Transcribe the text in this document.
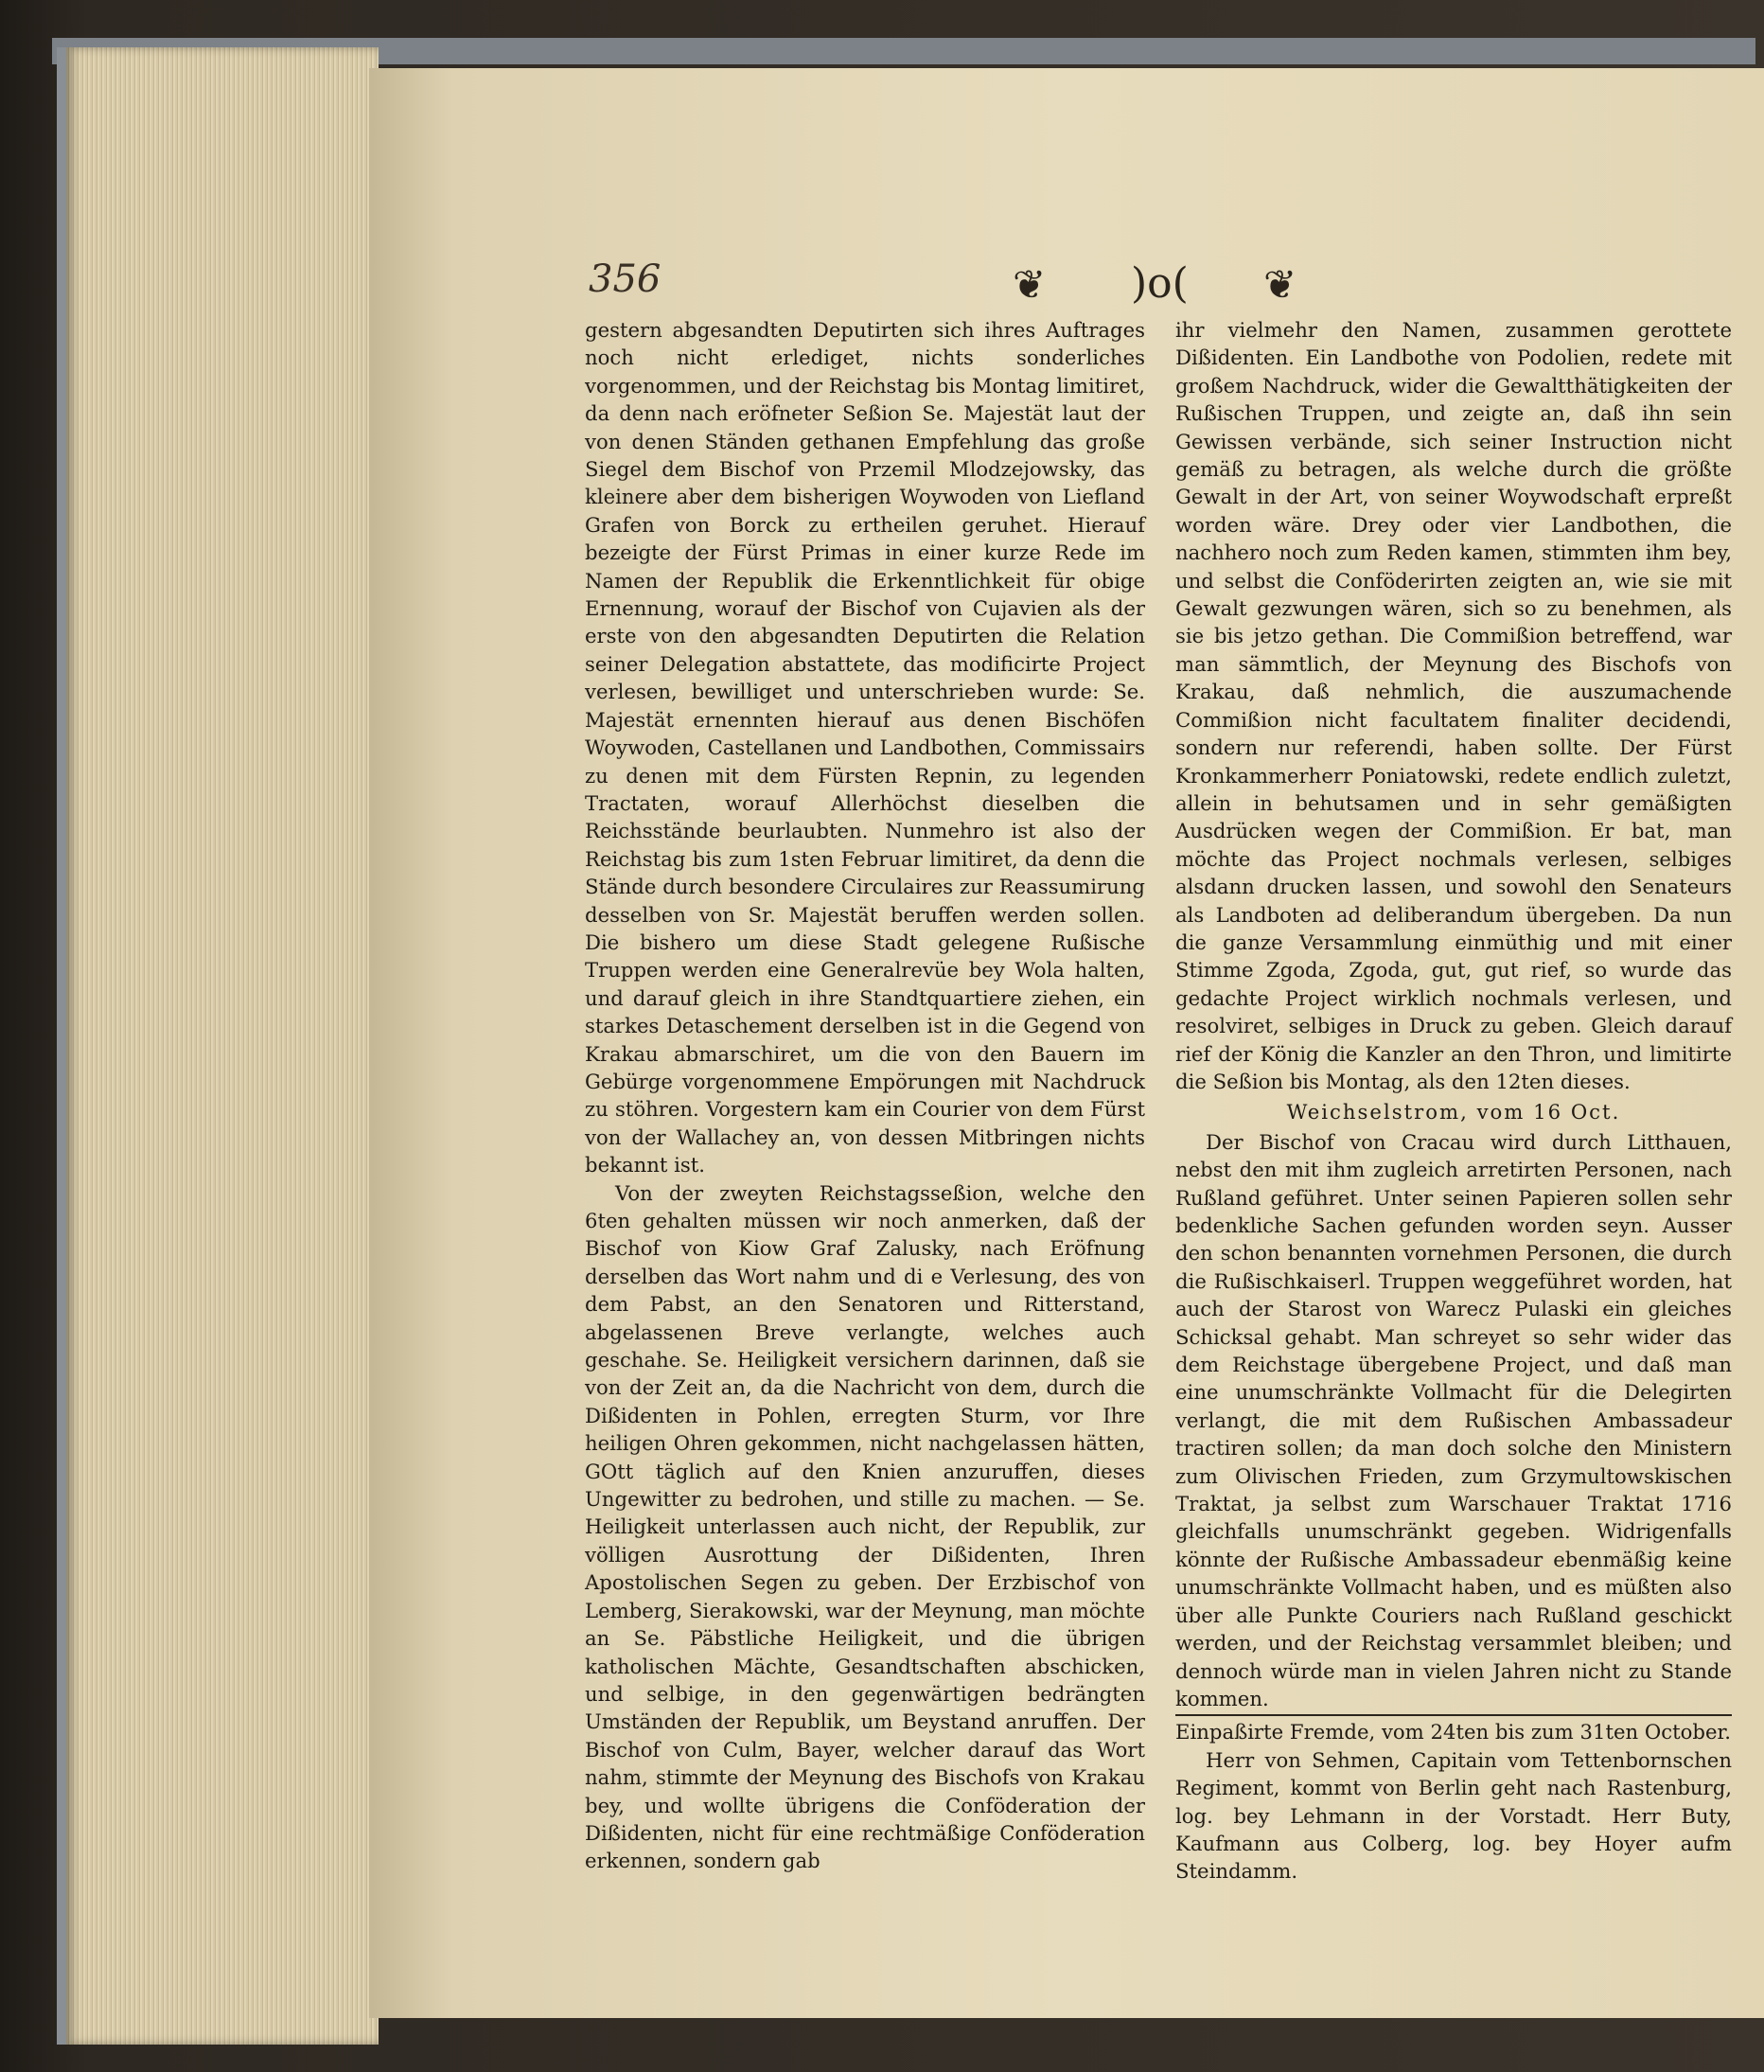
356	❦ )o( ❦

gestern abgesandten Deputirten sich ihres Auftrages noch nicht erlediget, nichts sonderliches vorgenommen, und der Reichstag bis Montag limitiret, da denn nach eröfneter Seßion Se. Majestät laut der von denen Ständen gethanen Empfehlung das große Siegel dem Bischof von Przemil Mlodzejowsky, das kleinere aber dem bisherigen Woywoden von Liefland Grafen von Borck zu ertheilen geruhet. Hierauf bezeigte der Fürst Primas in einer kurze Rede im Namen der Republik die Erkenntlichkeit für obige Ernennung, worauf der Bischof von Cujavien als der erste von den abgesandten Deputirten die Relation seiner Delegation abstattete, das modificirte Project verlesen, bewilliget und unterschrieben wurde: Se. Majestät ernennten hierauf aus denen Bischöfen Woywoden, Castellanen und Landbothen, Commissairs zu denen mit dem Fürsten Repnin, zu legenden Tractaten, worauf Allerhöchst dieselben die Reichsstände beurlaubten. Nunmehro ist also der Reichstag bis zum 1sten Februar limitiret, da denn die Stände durch besondere Circulaires zur Reassumirung desselben von Sr. Majestät beruffen werden sollen. Die bishero um diese Stadt gelegene Rußische Truppen werden eine Generalrevüe bey Wola halten, und darauf gleich in ihre Standtquartiere ziehen, ein starkes Detaschement derselben ist in die Gegend von Krakau abmarschiret, um die von den Bauern im Gebürge vorgenommene Empörungen mit Nachdruck zu stöhren. Vorgestern kam ein Courier von dem Fürst von der Wallachey an, von dessen Mitbringen nichts bekannt ist.

Von der zweyten Reichstagsseßion, welche den 6ten gehalten müssen wir noch anmerken, daß der Bischof von Kiow Graf Zalusky, nach Eröfnung derselben das Wort nahm und di e Verlesung, des von dem Pabst, an den Senatoren und Ritterstand, abgelassenen Breve verlangte, welches auch geschahe. Se. Heiligkeit versichern darinnen, daß sie von der Zeit an, da die Nachricht von dem, durch die Dißidenten in Pohlen, erregten Sturm, vor Ihre heiligen Ohren gekommen, nicht nachgelassen hätten, GOtt täglich auf den Knien anzuruffen, dieses Ungewitter zu bedrohen, und stille zu machen. — Se. Heiligkeit unterlassen auch nicht, der Republik, zur völligen Ausrottung der Dißidenten, Ihren Apostolischen Segen zu geben. Der Erzbischof von Lemberg, Sierakowski, war der Meynung, man möchte an Se. Päbstliche Heiligkeit, und die übrigen katholischen Mächte, Gesandtschaften abschicken, und selbige, in den gegenwärtigen bedrängten Umständen der Republik, um Beystand anruffen. Der Bischof von Culm, Bayer, welcher darauf das Wort nahm, stimmte der Meynung des Bischofs von Krakau bey, und wollte übrigens die Conföderation der Dißidenten, nicht für eine rechtmäßige Conföderation erkennen, sondern gab

ihr vielmehr den Namen, zusammen gerottete Dißidenten. Ein Landbothe von Podolien, redete mit großem Nachdruck, wider die Gewaltthätigkeiten der Rußischen Truppen, und zeigte an, daß ihn sein Gewissen verbände, sich seiner Instruction nicht gemäß zu betragen, als welche durch die größte Gewalt in der Art, von seiner Woywodschaft erpreßt worden wäre. Drey oder vier Landbothen, die nachhero noch zum Reden kamen, stimmten ihm bey, und selbst die Conföderirten zeigten an, wie sie mit Gewalt gezwungen wären, sich so zu benehmen, als sie bis jetzo gethan. Die Commißion betreffend, war man sämmtlich, der Meynung des Bischofs von Krakau, daß nehmlich, die auszumachende Commißion nicht facultatem finaliter decidendi, sondern nur referendi, haben sollte. Der Fürst Kronkammerherr Poniatowski, redete endlich zuletzt, allein in behutsamen und in sehr gemäßigten Ausdrücken wegen der Commißion. Er bat, man möchte das Project nochmals verlesen, selbiges alsdann drucken lassen, und sowohl den Senateurs als Landboten ad deliberandum übergeben. Da nun die ganze Versammlung einmüthig und mit einer Stimme Zgoda, Zgoda, gut, gut rief, so wurde das gedachte Project wirklich nochmals verlesen, und resolviret, selbiges in Druck zu geben. Gleich darauf rief der König die Kanzler an den Thron, und limitirte die Seßion bis Montag, als den 12ten dieses.

Weichselstrom, vom 16 Oct.

Der Bischof von Cracau wird durch Litthauen, nebst den mit ihm zugleich arretirten Personen, nach Rußland geführet. Unter seinen Papieren sollen sehr bedenkliche Sachen gefunden worden seyn. Ausser den schon benannten vornehmen Personen, die durch die Rußischkaiserl. Truppen weggeführet worden, hat auch der Starost von Warecz Pulaski ein gleiches Schicksal gehabt. Man schreyet so sehr wider das dem Reichstage übergebene Project, und daß man eine unumschränkte Vollmacht für die Delegirten verlangt, die mit dem Rußischen Ambassadeur tractiren sollen; da man doch solche den Ministern zum Olivischen Frieden, zum Grzymultowskischen Traktat, ja selbst zum Warschauer Traktat 1716 gleichfalls unumschränkt gegeben. Widrigenfalls könnte der Rußische Ambassadeur ebenmäßig keine unumschränkte Vollmacht haben, und es müßten also über alle Punkte Couriers nach Rußland geschickt werden, und der Reichstag versammlet bleiben; und dennoch würde man in vielen Jahren nicht zu Stande kommen.

Einpaßirte Fremde, vom 24ten bis zum 31ten October.

Herr von Sehmen, Capitain vom Tettenbornschen Regiment, kommt von Berlin geht nach Rastenburg, log. bey Lehmann in der Vorstadt. Herr Buty, Kaufmann aus Colberg, log. bey Hoyer aufm Steindamm.
